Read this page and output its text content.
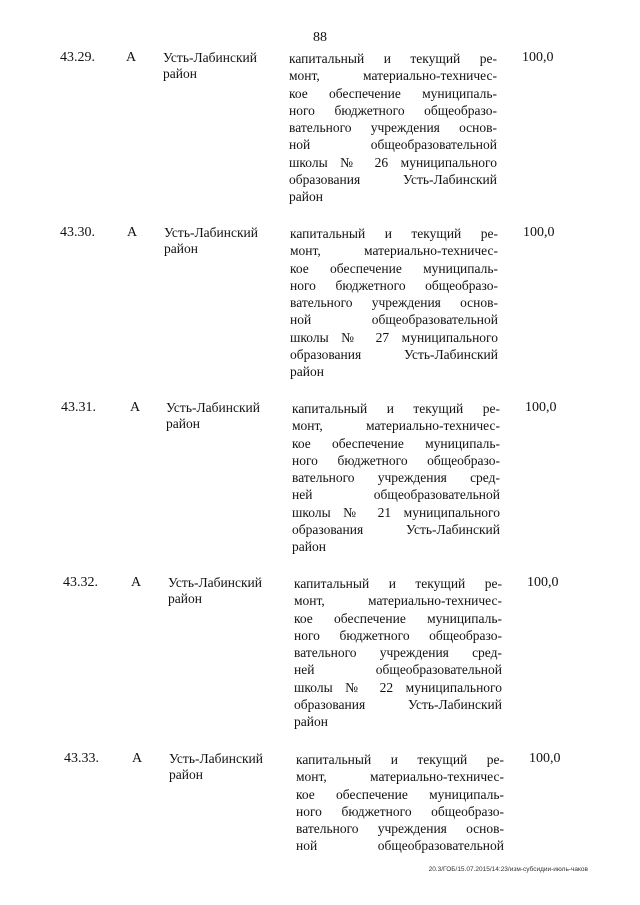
88
43.29. А Усть-Лабинский
район
капитальный и текущий ре-
монт, материально-техничес-
кое обеспечение муниципаль-
ного бюджетного общеобразо-
вательного учреждения основ-
ной общеобразовательной
школы № 26 муниципального
образования Усть-Лабинский
район
100,0
43.30. А Усть-Лабинский
район
капитальный и текущий ре-
монт, материально-техничес-
кое обеспечение муниципаль-
ного бюджетного общеобразо-
вательного учреждения основ-
ной общеобразовательной
школы № 27 муниципального
образования Усть-Лабинский
район
100,0
43.31. А Усть-Лабинский
район
капитальный и текущий ре-
монт, материально-техничес-
кое обеспечение муниципаль-
ного бюджетного общеобразо-
вательного учреждения сред-
ней общеобразовательной
школы № 21 муниципального
образования Усть-Лабинский
район
100,0
43.32. А Усть-Лабинский
район
капитальный и текущий ре-
монт, материально-техничес-
кое обеспечение муниципаль-
ного бюджетного общеобразо-
вательного учреждения сред-
ней общеобразовательной
школы № 22 муниципального
образования Усть-Лабинский
район
100,0
43.33. А Усть-Лабинский
район
капитальный и текущий ре-
монт, материально-техничес-
кое обеспечение муниципаль-
ного бюджетного общеобразо-
вательного учреждения основ-
ной общеобразовательной
100,0
20.3/ГОБ/15.07.2015/14:23/изм-субсидии-июль-чаков
